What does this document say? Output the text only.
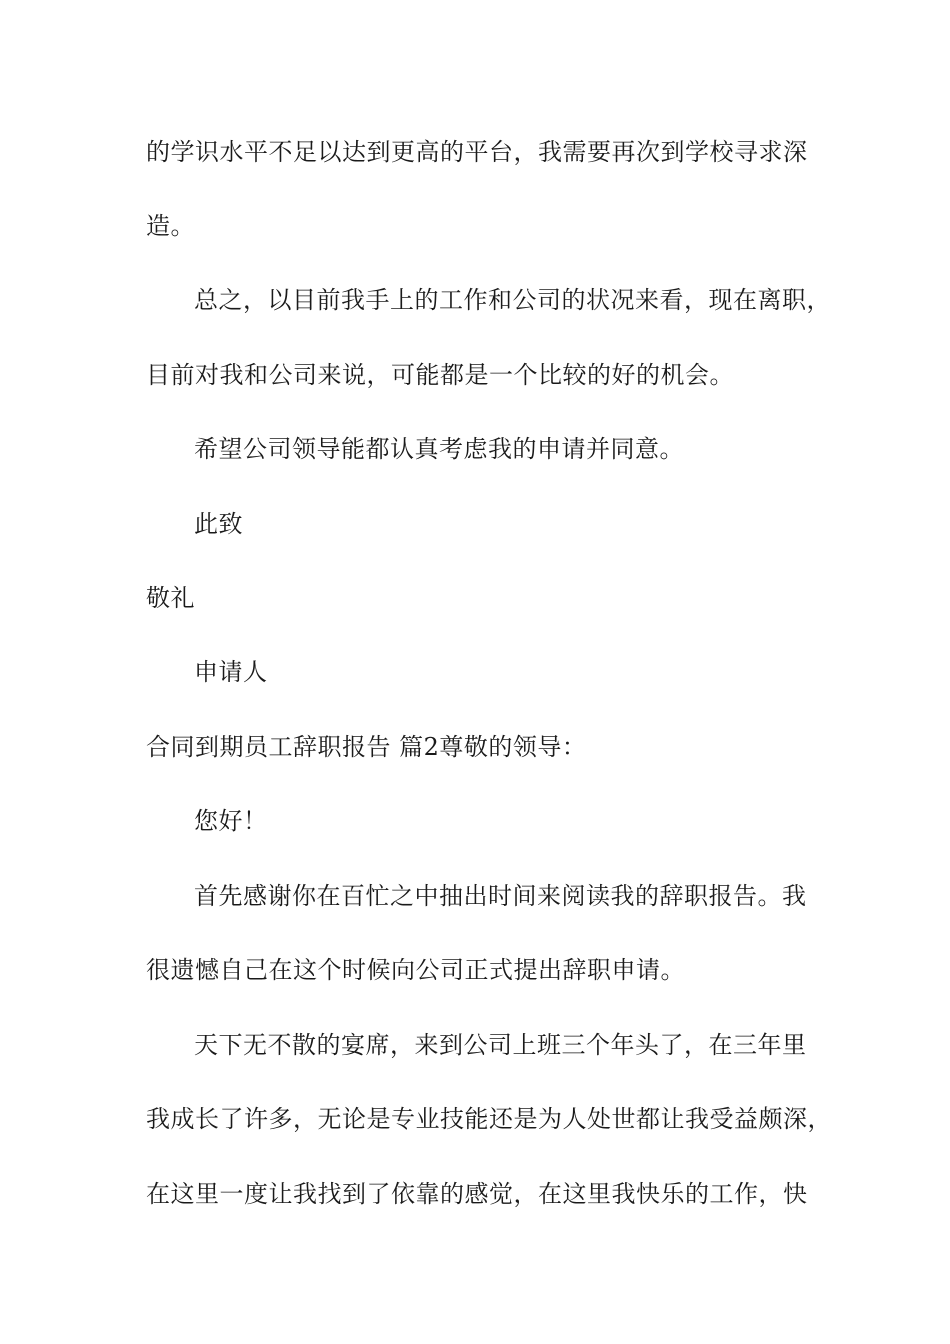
的学识水平不足以达到更高的平台，我需要再次到学校寻求深
造。
总之，以目前我手上的工作和公司的状况来看，现在离职，
目前对我和公司来说，可能都是一个比较的好的机会。
希望公司领导能都认真考虑我的申请并同意。
此致
敬礼
申请人
合同到期员工辞职报告 篇2尊敬的领导：
您好！
首先感谢你在百忙之中抽出时间来阅读我的辞职报告。我
很遗憾自己在这个时候向公司正式提出辞职申请。
天下无不散的宴席，来到公司上班三个年头了，在三年里
我成长了许多，无论是专业技能还是为人处世都让我受益颇深，
在这里一度让我找到了依靠的感觉，在这里我快乐的工作，快
